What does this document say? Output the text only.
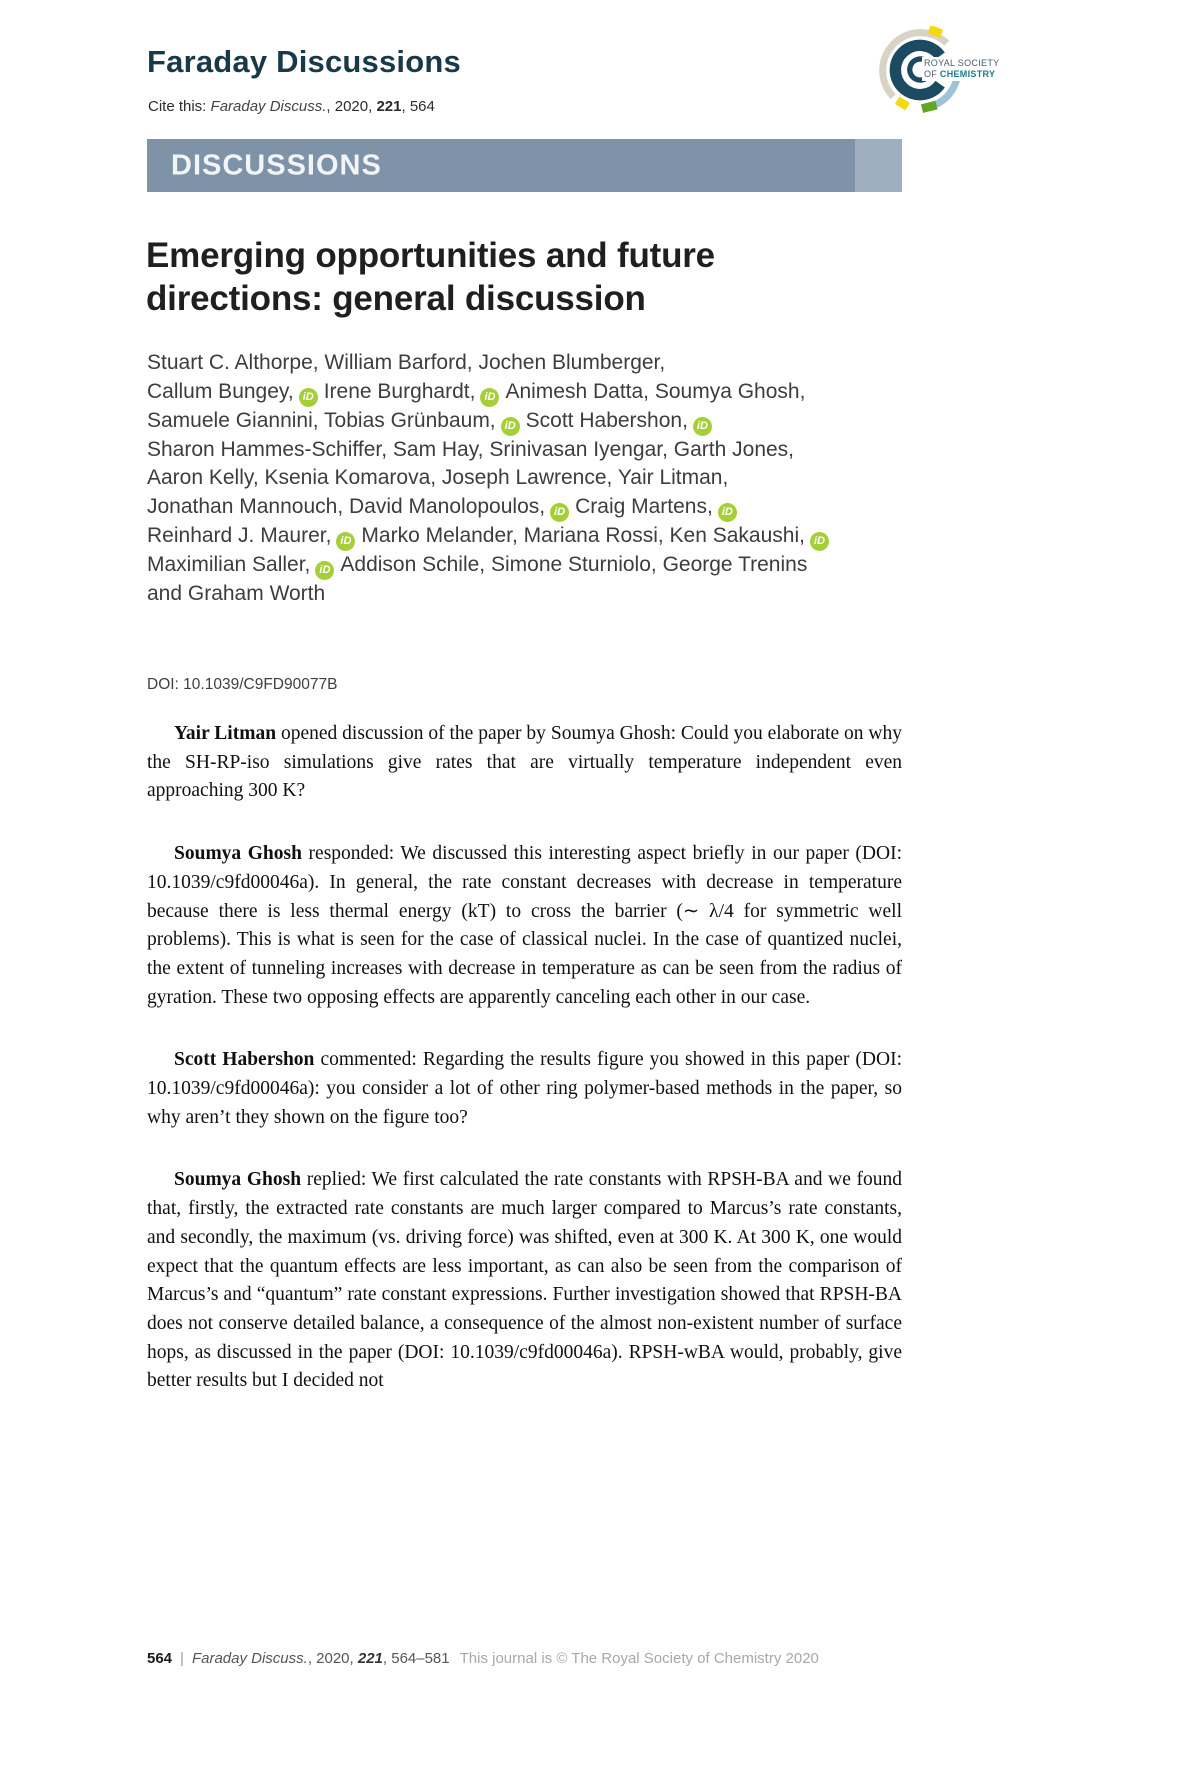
Faraday Discussions
Cite this: Faraday Discuss., 2020, 221, 564
ROYAL SOCIETY
OF CHEMISTRY
DISCUSSIONS
Emerging opportunities and future directions: general discussion
Stuart C. Althorpe, William Barford, Jochen Blumberger,
Callum Bungey, iD Irene Burghardt, iD Animesh Datta, Soumya Ghosh,
Samuele Giannini, Tobias Grünbaum, iD Scott Habershon, iD
Sharon Hammes-Schiffer, Sam Hay, Srinivasan Iyengar, Garth Jones,
Aaron Kelly, Ksenia Komarova, Joseph Lawrence, Yair Litman,
Jonathan Mannouch, David Manolopoulos, iD Craig Martens, iD
Reinhard J. Maurer, iD Marko Melander, Mariana Rossi, Ken Sakaushi, iD
Maximilian Saller, iD Addison Schile, Simone Sturniolo, George Trenins
and Graham Worth
DOI: 10.1039/C9FD90077B

Yair Litman opened discussion of the paper by Soumya Ghosh: Could you elaborate on why the SH-RP-iso simulations give rates that are virtually temperature independent even approaching 300 K?

Soumya Ghosh responded: We discussed this interesting aspect briefly in our paper (DOI: 10.1039/c9fd00046a). In general, the rate constant decreases with decrease in temperature because there is less thermal energy (kT) to cross the barrier (∼ λ/4 for symmetric well problems). This is what is seen for the case of classical nuclei. In the case of quantized nuclei, the extent of tunneling increases with decrease in temperature as can be seen from the radius of gyration. These two opposing effects are apparently canceling each other in our case.

Scott Habershon commented: Regarding the results figure you showed in this paper (DOI: 10.1039/c9fd00046a): you consider a lot of other ring polymer-based methods in the paper, so why aren’t they shown on the figure too?

Soumya Ghosh replied: We first calculated the rate constants with RPSH-BA and we found that, firstly, the extracted rate constants are much larger compared to Marcus’s rate constants, and secondly, the maximum (vs. driving force) was shifted, even at 300 K. At 300 K, one would expect that the quantum effects are less important, as can also be seen from the comparison of Marcus’s and “quantum” rate constant expressions. Further investigation showed that RPSH-BA does not conserve detailed balance, a consequence of the almost non-existent number of surface hops, as discussed in the paper (DOI: 10.1039/c9fd00046a). RPSH-wBA would, probably, give better results but I decided not

564 | Faraday Discuss., 2020, 221, 564–581 This journal is © The Royal Society of Chemistry 2020
